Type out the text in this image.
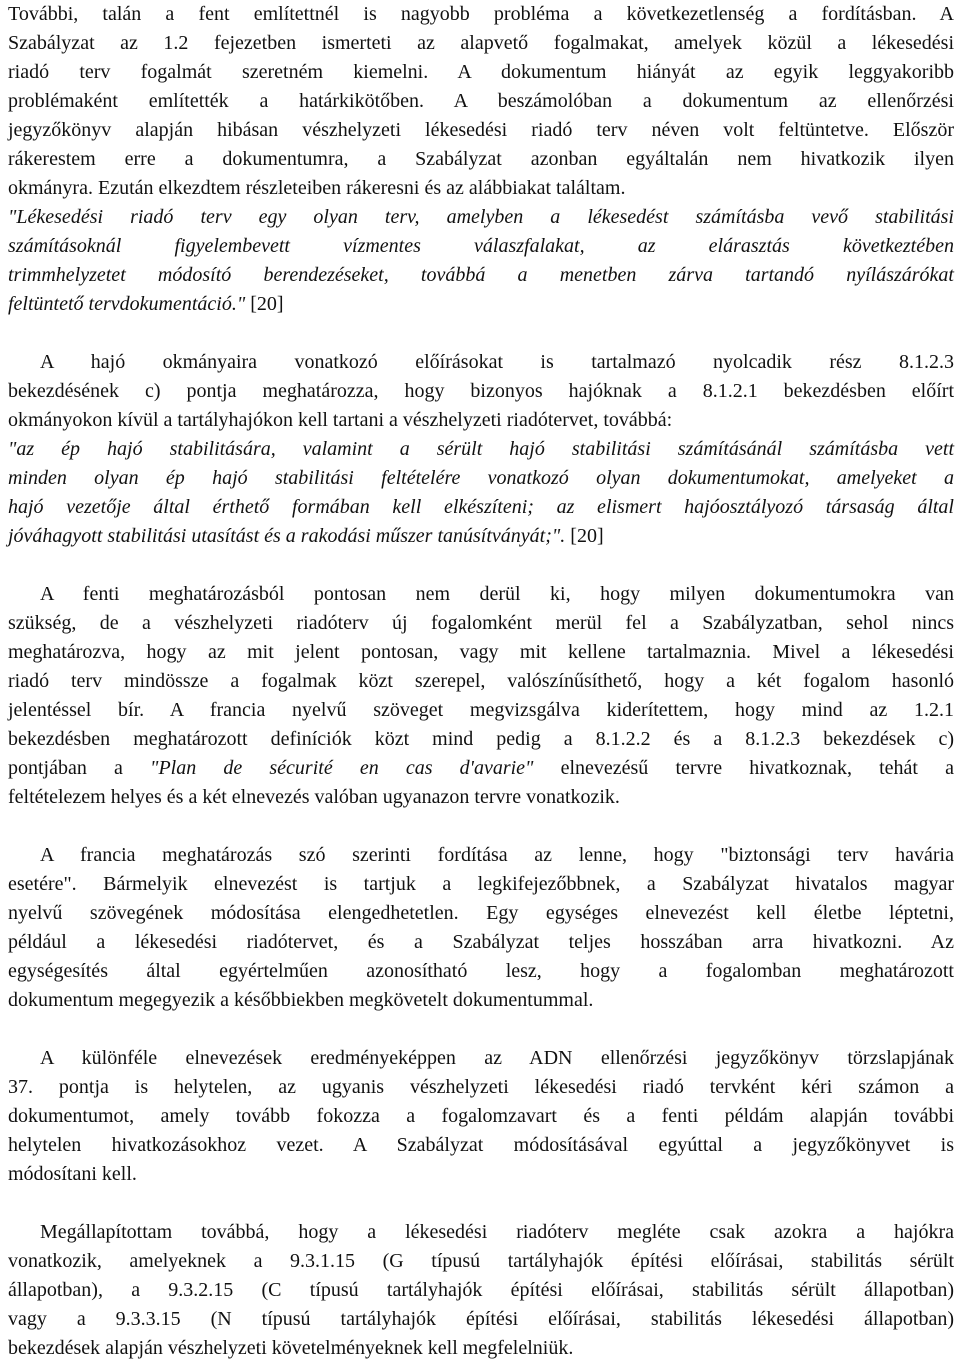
További, talán a fent említettnél is nagyobb probléma a következetlenség a fordításban. A
Szabályzat az 1.2 fejezetben ismerteti az alapvető fogalmakat, amelyek közül a lékesedési
riadó terv fogalmát szeretném kiemelni. A dokumentum hiányát az egyik leggyakoribb
problémaként említették a határkikötőben. A beszámolóban a dokumentum az ellenőrzési
jegyzőkönyv alapján hibásan vészhelyzeti lékesedési riadó terv néven volt feltüntetve. Először
rákerestem erre a dokumentumra, a Szabályzat azonban egyáltalán nem hivatkozik ilyen
okmányra. Ezután elkezdtem részleteiben rákeresni és az alábbiakat találtam.
"Lékesedési riadó terv egy olyan terv, amelyben a lékesedést számításba vevő stabilitási
számításoknál figyelembevett vízmentes válaszfalakat, az elárasztás következtében
trimmhelyzetet módosító berendezéseket, továbbá a menetben zárva tartandó nyílászárókat
feltüntető tervdokumentáció." [20]
A hajó okmányaira vonatkozó előírásokat is tartalmazó nyolcadik rész 8.1.2.3
bekezdésének c) pontja meghatározza, hogy bizonyos hajóknak a 8.1.2.1 bekezdésben előírt
okmányokon kívül a tartályhajókon kell tartani a vészhelyzeti riadótervet, továbbá:
"az ép hajó stabilitására, valamint a sérült hajó stabilitási számításánál számításba vett
minden olyan ép hajó stabilitási feltételére vonatkozó olyan dokumentumokat, amelyeket a
hajó vezetője által érthető formában kell elkészíteni; az elismert hajóosztályozó társaság által
jóváhagyott stabilitási utasítást és a rakodási műszer tanúsítványát;". [20]
A fenti meghatározásból pontosan nem derül ki, hogy milyen dokumentumokra van
szükség, de a vészhelyzeti riadóterv új fogalomként merül fel a Szabályzatban, sehol nincs
meghatározva, hogy az mit jelent pontosan, vagy mit kellene tartalmaznia. Mivel a lékesedési
riadó terv mindössze a fogalmak közt szerepel, valószínűsíthető, hogy a két fogalom hasonló
jelentéssel bír. A francia nyelvű szöveget megvizsgálva kiderítettem, hogy mind az 1.2.1
bekezdésben meghatározott definíciók közt mind pedig a 8.1.2.2 és a 8.1.2.3 bekezdések c)
pontjában a "Plan de sécurité en cas d'avarie" elnevezésű tervre hivatkoznak, tehát a
feltételezem helyes és a két elnevezés valóban ugyanazon tervre vonatkozik.
A francia meghatározás szó szerinti fordítása az lenne, hogy "biztonsági terv havária
esetére". Bármelyik elnevezést is tartjuk a legkifejezőbbnek, a Szabályzat hivatalos magyar
nyelvű szövegének módosítása elengedhetetlen. Egy egységes elnevezést kell életbe léptetni,
például a lékesedési riadótervet, és a Szabályzat teljes hosszában arra hivatkozni. Az
egységesítés által egyértelműen azonosítható lesz, hogy a fogalomban meghatározott
dokumentum megegyezik a későbbiekben megkövetelt dokumentummal.
A különféle elnevezések eredményeképpen az ADN ellenőrzési jegyzőkönyv törzslapjának
37. pontja is helytelen, az ugyanis vészhelyzeti lékesedési riadó tervként kéri számon a
dokumentumot, amely tovább fokozza a fogalomzavart és a fenti példám alapján további
helytelen hivatkozásokhoz vezet. A Szabályzat módosításával egyúttal a jegyzőkönyvet is
módosítani kell.
Megállapítottam továbbá, hogy a lékesedési riadóterv megléte csak azokra a hajókra
vonatkozik, amelyeknek a 9.3.1.15 (G típusú tartályhajók építési előírásai, stabilitás sérült
állapotban), a 9.3.2.15 (C típusú tartályhajók építési előírásai, stabilitás sérült állapotban)
vagy a 9.3.3.15 (N típusú tartályhajók építési előírásai, stabilitás lékesedési állapotban)
bekezdések alapján vészhelyzeti követelményeknek kell megfelelniük.
